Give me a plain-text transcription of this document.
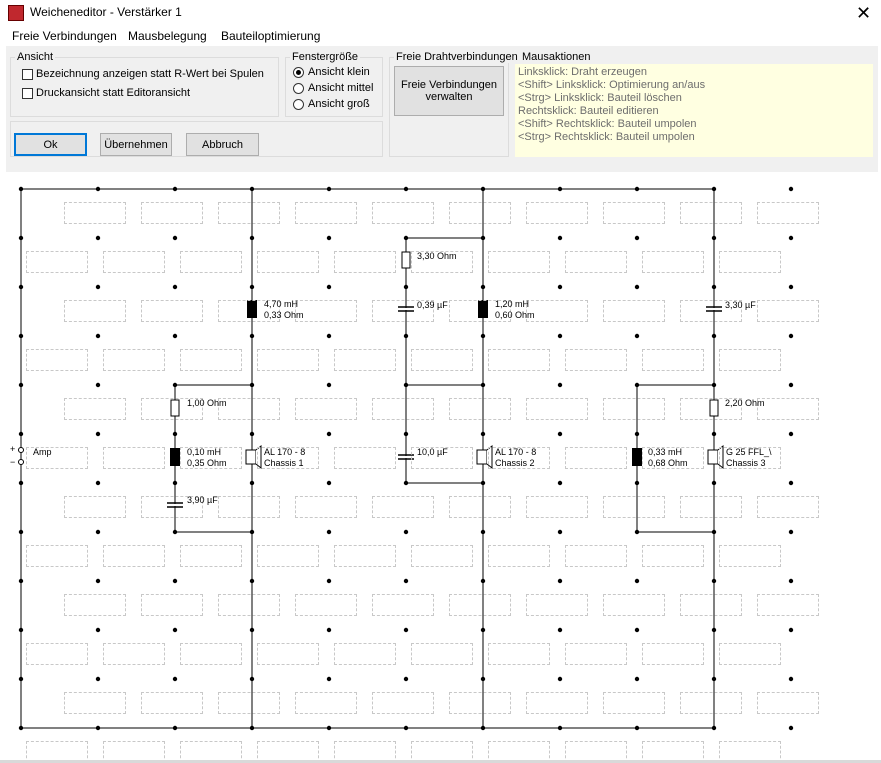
Weicheneditor - Verstärker 1	✕
Freie Verbindungen Mausbelegung Bauteiloptimierung
Ansicht
Bezeichnung anzeigen statt R-Wert bei Spulen
Druckansicht statt Editoransicht
Fenstergröße
Ansicht klein
Ansicht mittel
Ansicht groß
Freie Drahtverbindungen
Freie Verbindungen
verwalten
Ok	Übernehmen	Abbruch
Mausaktionen
Linksklick: Draht erzeugen
<Shift> Linksklick: Optimierung an/aus
<Strg> Linksklick: Bauteil löschen
Rechtsklick: Bauteil editieren
<Shift> Rechtsklick: Bauteil umpolen
<Strg> Rechtsklick: Bauteil umpolen
Amp
+
−
4,70 mH
0,33 Ohm
3,30 Ohm
0,39 µF	1,20 mH
0,60 Ohm
3,30 µF
1,00 Ohm	2,20 Ohm
0,10 mH
0,35 Ohm
AL 170 - 8
Chassis 1
10,0 µF	AL 170 - 8
Chassis 2
0,33 mH
0,68 Ohm
G 25 FFL_\
Chassis 3
3,90 µF
